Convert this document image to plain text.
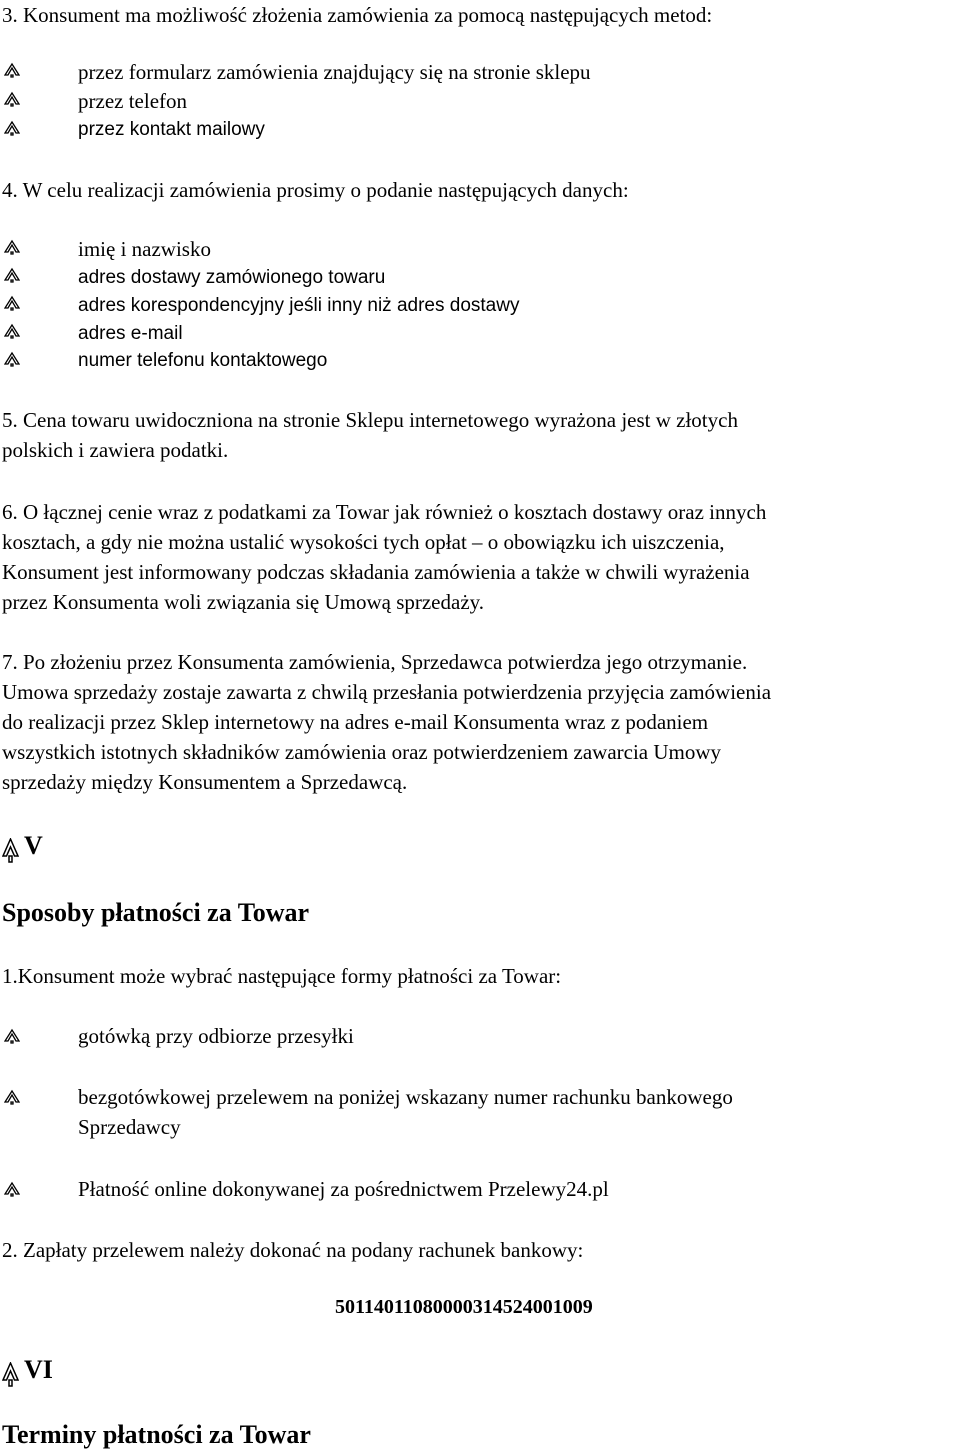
3. Konsument ma możliwość złożenia zamówienia za pomocą następujących metod:
przez formularz zamówienia znajdujący się na stronie sklepu
przez telefon
przez kontakt mailowy
4. W celu realizacji zamówienia prosimy o podanie następujących danych:
imię i nazwisko
adres dostawy zamówionego towaru
adres korespondencyjny jeśli inny niż adres dostawy
adres e-mail
numer telefonu kontaktowego
5. Cena towaru uwidoczniona na stronie Sklepu internetowego wyrażona jest w złotych
polskich i zawiera podatki.
6. O łącznej cenie wraz z podatkami za Towar jak również o kosztach dostawy oraz innych
kosztach, a gdy nie można ustalić wysokości tych opłat – o obowiązku ich uiszczenia,
Konsument jest informowany podczas składania zamówienia a także w chwili wyrażenia
przez Konsumenta woli związania się Umową sprzedaży.
7. Po złożeniu przez Konsumenta zamówienia, Sprzedawca potwierdza jego otrzymanie.
Umowa sprzedaży zostaje zawarta z chwilą przesłania potwierdzenia przyjęcia zamówienia
do realizacji przez Sklep internetowy na adres e-mail Konsumenta wraz z podaniem
wszystkich istotnych składników zamówienia oraz potwierdzeniem zawarcia Umowy
sprzedaży między Konsumentem a Sprzedawcą.
V
Sposoby płatności za Towar
1.Konsument może wybrać następujące formy płatności za Towar:
gotówką przy odbiorze przesyłki
bezgotówkowej przelewem na poniżej wskazany numer rachunku bankowego
Sprzedawcy
Płatność online dokonywanej za pośrednictwem Przelewy24.pl
2. Zapłaty przelewem należy dokonać na podany rachunek bankowy:
50114011080000314524001009
VI
Terminy płatności za Towar
